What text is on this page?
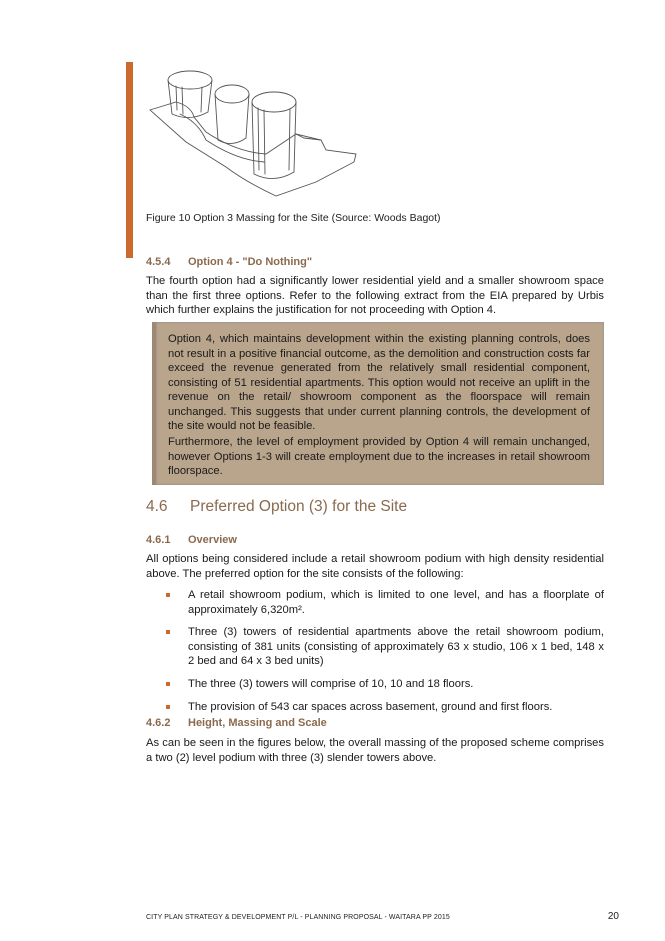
Figure 10 Option 3 Massing for the Site (Source: Woods Bagot)
4.5.4 Option 4 - "Do Nothing"
The fourth option had a significantly lower residential yield and a smaller showroom space than the first three options. Refer to the following extract from the EIA prepared by Urbis which further explains the justification for not proceeding with Option 4.

Option 4, which maintains development within the existing planning controls, does not result in a positive financial outcome, as the demolition and construction costs far exceed the revenue generated from the relatively small residential component, consisting of 51 residential apartments. This option would not receive an uplift in the revenue on the retail/ showroom component as the floorspace will remain unchanged. This suggests that under current planning controls, the development of the site would not be feasible.

Furthermore, the level of employment provided by Option 4 will remain unchanged, however Options 1-3 will create employment due to the increases in retail showroom floorspace.

4.6 Preferred Option (3) for the Site
4.6.1 Overview
All options being considered include a retail showroom podium with high density residential above. The preferred option for the site consists of the following:
A retail showroom podium, which is limited to one level, and has a floorplate of approximately 6,320m².
Three (3) towers of residential apartments above the retail showroom podium, consisting of 381 units (consisting of approximately 63 x studio, 106 x 1 bed, 148 x 2 bed and 64 x 3 bed units)
The three (3) towers will comprise of 10, 10 and 18 floors.
The provision of 543 car spaces across basement, ground and first floors.
4.6.2 Height, Massing and Scale
As can be seen in the figures below, the overall massing of the proposed scheme comprises a two (2) level podium with three (3) slender towers above.
CITY PLAN STRATEGY & DEVELOPMENT P/L - PLANNING PROPOSAL - WAITARA PP 2015	20
